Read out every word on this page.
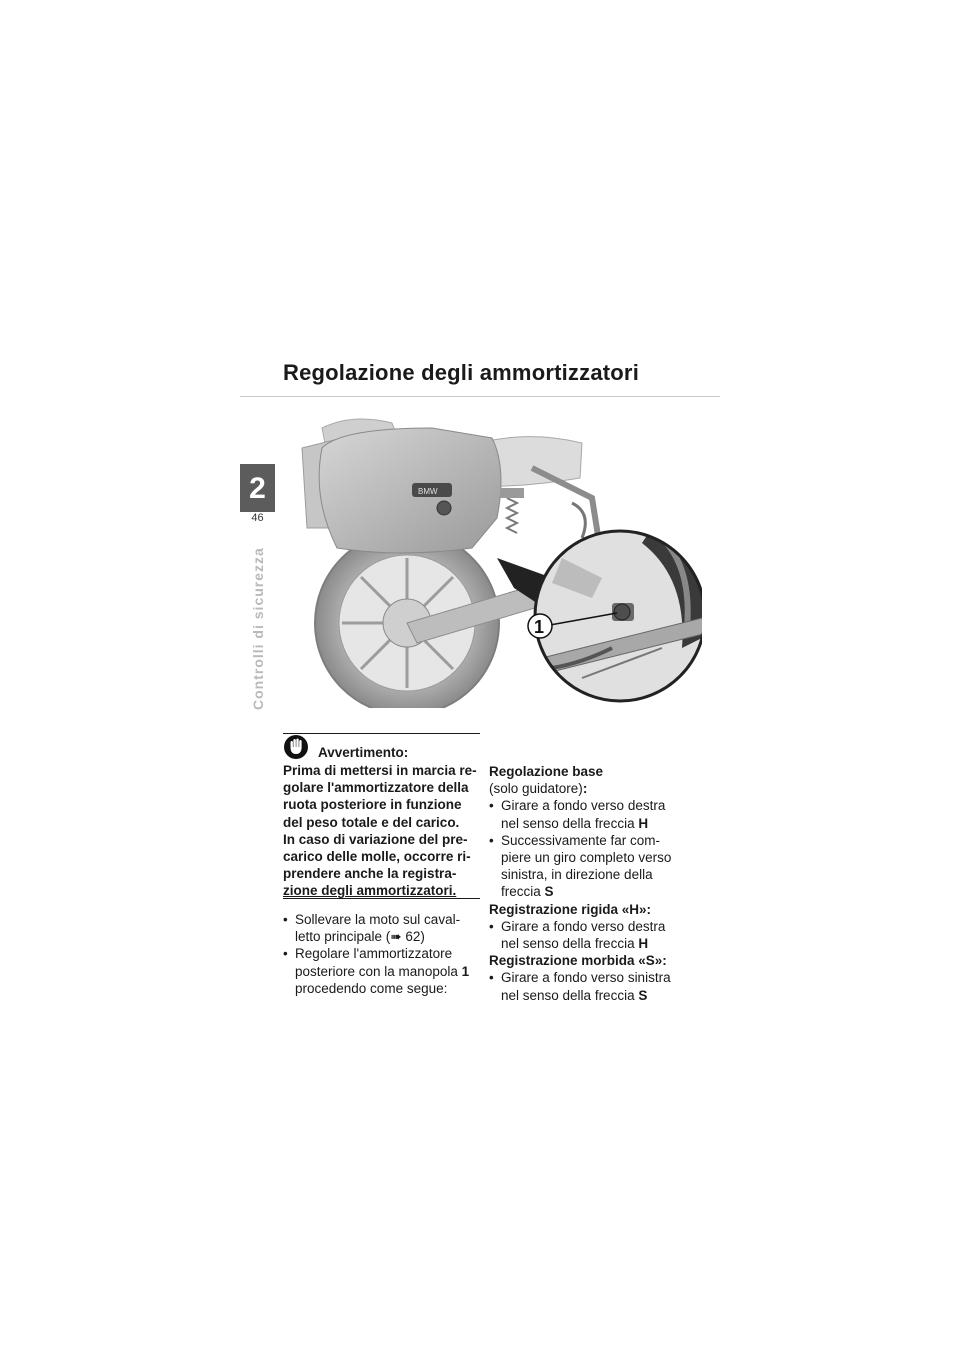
Regolazione degli ammortizzatori
2
46
Controlli di sicurezza
BMW
1
Avvertimento:
Prima di mettersi in marcia re-
golare l'ammortizzatore della
ruota posteriore in funzione
del peso totale e del carico.
In caso di variazione del pre-
carico delle molle, occorre ri-
prendere anche la registra-
zione degli ammortizzatori.
• Sollevare la moto sul caval-
letto principale (➠ 62)
• Regolare l'ammortizzatore
posteriore con la manopola 1
procedendo come segue:
Regolazione base
(solo guidatore):
• Girare a fondo verso destra
nel senso della freccia H
• Successivamente far com-
piere un giro completo verso
sinistra, in direzione della
freccia S
Registrazione rigida «H»:
• Girare a fondo verso destra
nel senso della freccia H
Registrazione morbida «S»:
• Girare a fondo verso sinistra
nel senso della freccia S
